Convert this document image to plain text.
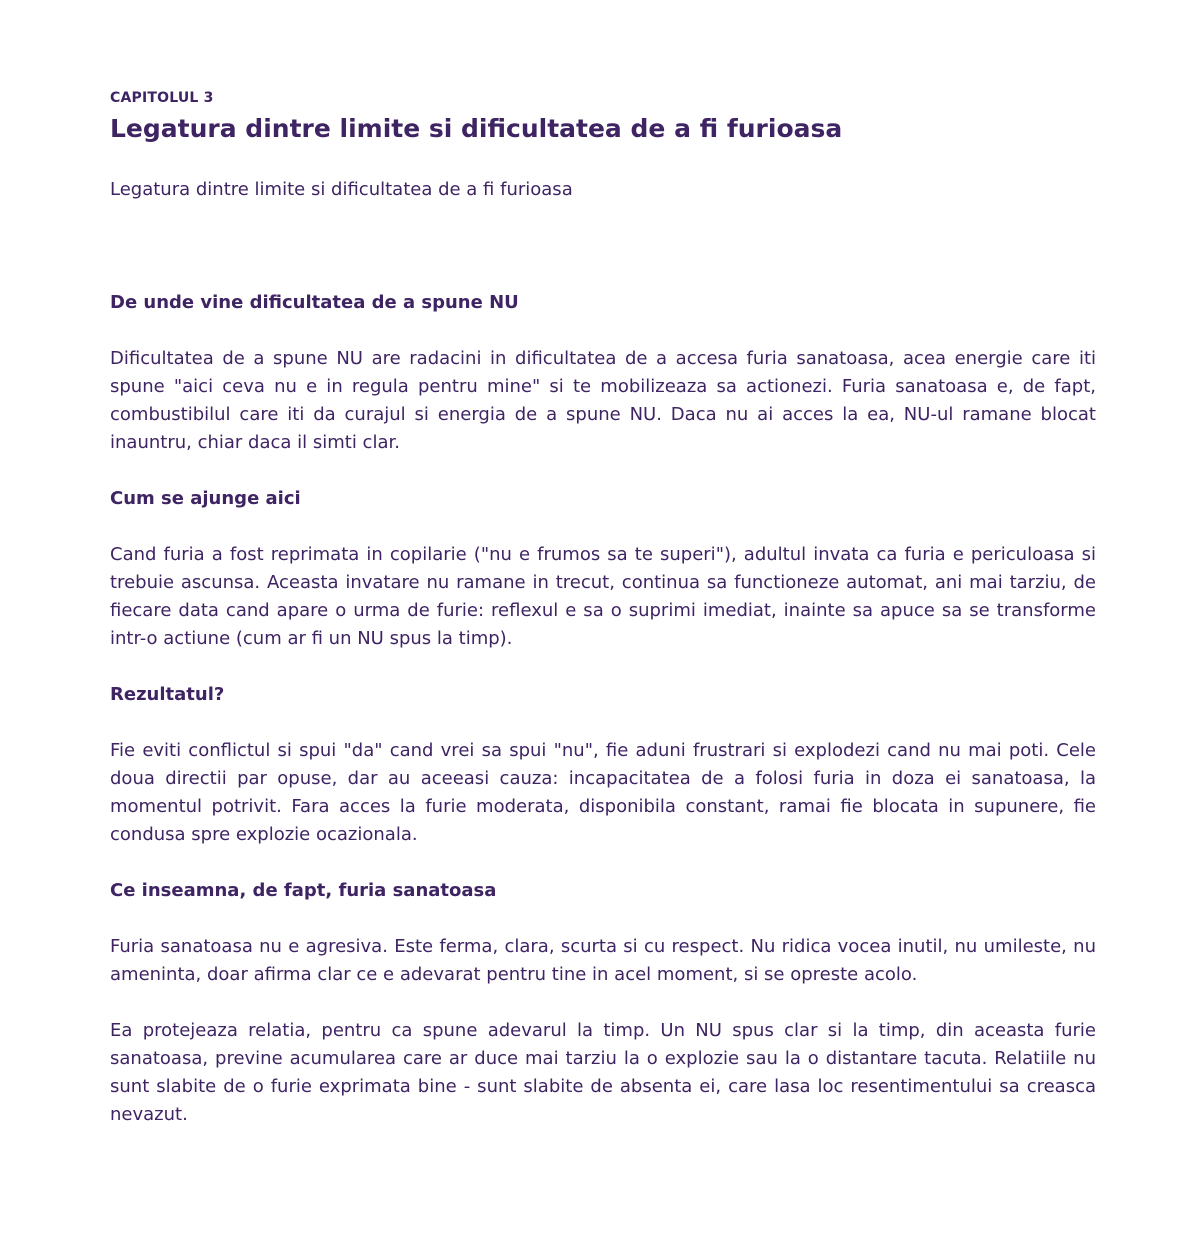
CAPITOLUL 3

Legatura dintre limite si dificultatea de a fi furioasa

Legatura dintre limite si dificultatea de a fi furioasa

De unde vine dificultatea de a spune NU

Dificultatea de a spune NU are radacini in dificultatea de a accesa furia sanatoasa, acea energie care iti spune "aici ceva nu e in regula pentru mine" si te mobilizeaza sa actionezi. Furia sanatoasa e, de fapt, combustibilul care iti da curajul si energia de a spune NU. Daca nu ai acces la ea, NU-ul ramane blocat inauntru, chiar daca il simti clar.

Cum se ajunge aici

Cand furia a fost reprimata in copilarie ("nu e frumos sa te superi"), adultul invata ca furia e periculoasa si trebuie ascunsa. Aceasta invatare nu ramane in trecut, continua sa functioneze automat, ani mai tarziu, de fiecare data cand apare o urma de furie: reflexul e sa o suprimi imediat, inainte sa apuce sa se transforme intr-o actiune (cum ar fi un NU spus la timp).

Rezultatul?

Fie eviti conflictul si spui "da" cand vrei sa spui "nu", fie aduni frustrari si explodezi cand nu mai poti. Cele doua directii par opuse, dar au aceeasi cauza: incapacitatea de a folosi furia in doza ei sanatoasa, la momentul potrivit. Fara acces la furie moderata, disponibila constant, ramai fie blocata in supunere, fie condusa spre explozie ocazionala.

Ce inseamna, de fapt, furia sanatoasa

Furia sanatoasa nu e agresiva. Este ferma, clara, scurta si cu respect. Nu ridica vocea inutil, nu umileste, nu ameninta, doar afirma clar ce e adevarat pentru tine in acel moment, si se opreste acolo.

Ea protejeaza relatia, pentru ca spune adevarul la timp. Un NU spus clar si la timp, din aceasta furie sanatoasa, previne acumularea care ar duce mai tarziu la o explozie sau la o distantare tacuta. Relatiile nu sunt slabite de o furie exprimata bine - sunt slabite de absenta ei, care lasa loc resentimentului sa creasca nevazut.
